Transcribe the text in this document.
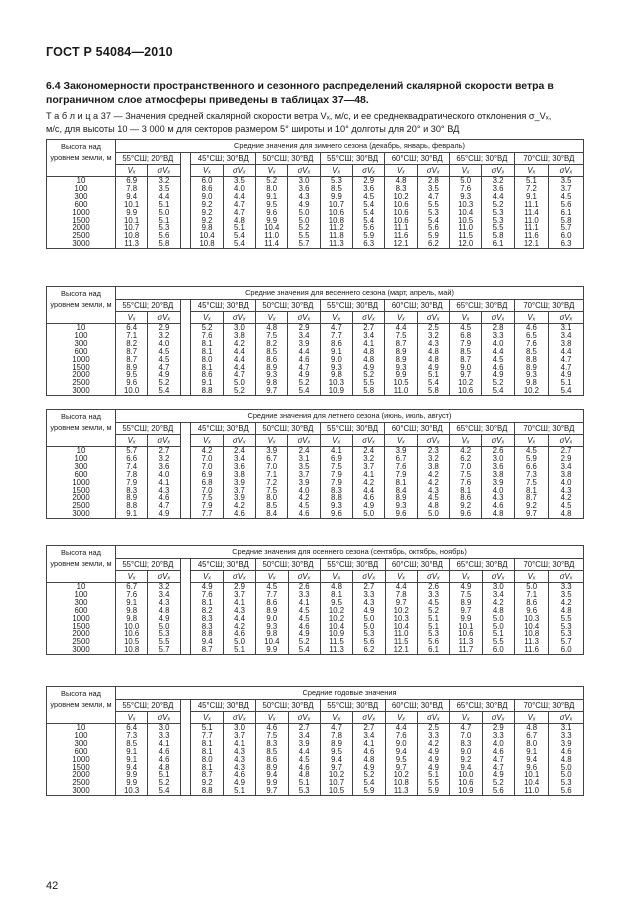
ГОСТ Р 54084—2010
6.4 Закономерности пространственного и сезонного распределений скалярной скорости ветра в пограничном слое атмосферы приведены в таблицах 37—48.
Т а б л и ц а 37 — Значения средней скалярной скорости ветра Vₓ, м/с, и ее среднеквадратического отклонения σ_Vₓ,
м/с, для высоты 10 — 3 000 м для секторов размером 5° широты и 10° долготы для 20° и 30° ВД
Высота над уровнем земли, м	Средние значения для зимнего сезона (декабрь, январь, февраль)														
	55°СШ; 20°ВД			45°СШ; 30°ВД		50°СШ; 30°ВД		55°СШ; 30°ВД		60°СШ; 30°ВД		65°СШ; 30°ВД		70°СШ; 30°ВД	
	Vₓ	σVₓ		Vₓ	σVₓ	Vₓ	σVₓ	Vₓ	σVₓ	Vₓ	σVₓ	Vₓ	σVₓ	Vₓ	σVₓ
10	6.9	3.2		6.0	3.5	5.2	3.0	5.3	2.9	4.8	2.8	5.0	3.2	5.1	3.5
100	7.8	3.5		8.6	4.0	8.0	3.6	8.5	3.6	8.3	3.5	7.6	3.6	7.2	3.7
300	9.4	4.4		9.0	4.4	9.1	4.3	9.9	4.5	10.2	4.7	9.3	4.4	9.1	4.5
600	10.1	5.1		9.2	4.7	9.5	4.9	10.7	5.4	10.6	5.5	10.3	5.2	11.1	5.6
1000	9.9	5.0		9.2	4.7	9.6	5.0	10.6	5.4	10.6	5.3	10.4	5.3	11.4	6.1
1500	10.1	5.1		9.2	4.8	9.9	5.0	10.8	5.4	10.6	5.4	10.5	5.3	11.0	5.8
2000	10.7	5.3		9.8	5.1	10.4	5.2	11.2	5.6	11.1	5.6	11.0	5.5	11.1	5.7
2500	10.8	5.6		10.4	5.4	11.0	5.5	11.8	5.9	11.6	5.9	11.5	5.8	11.6	6.0
3000	11.3	5.8		10.8	5.4	11.4	5.7	11.3	6.3	12.1	6.2	12.0	6.1	12.1	6.3
Высота над уровнем земли, м	Средние значения для весеннего сезона (март, апрель, май)														
	55°СШ; 20°ВД			45°СШ; 30°ВД		50°СШ; 30°ВД		55°СШ; 30°ВД		60°СШ; 30°ВД		65°СШ; 30°ВД		70°СШ; 30°ВД	
	Vₓ	σVₓ		Vₓ	σVₓ	Vₓ	σVₓ	Vₓ	σVₓ	Vₓ	σVₓ	Vₓ	σVₓ	Vₓ	σVₓ
10	6.4	2.9		5.2	3.0	4.8	2.9	4.7	2.7	4.4	2.5	4.5	2.8	4.6	3.1
100	7.1	3.2		7.6	3.8	7.5	3.4	7.7	3.4	7.5	3.2	6.8	3.3	6.5	3.4
300	8.2	4.0		8.1	4.2	8.2	3.9	8.6	4.1	8.7	4.3	7.9	4.0	7.6	3.8
600	8.7	4.5		8.1	4.4	8.5	4.4	9.1	4.8	8.9	4.8	8.5	4.4	8.5	4.4
1000	8.7	4.5		8.0	4.4	8.6	4.6	9.0	4.8	8.9	4.8	8.7	4.5	8.8	4.7
1500	8.9	4.7		8.1	4.4	8.9	4.7	9.3	4.9	9.3	4.9	9.0	4.6	8.9	4.7
2000	9.5	4.9		8.6	4.7	9.3	4.9	9.8	5.2	9.9	5.1	9.7	4.9	9.3	4.9
2500	9.6	5.2		9.1	5.0	9.8	5.2	10.3	5.5	10.5	5.4	10.2	5.2	9.8	5.1
3000	10.0	5.4		8.8	5.2	9.7	5.4	10.9	5.8	11.0	5.8	10.6	5.4	10.2	5.4
Высота над уровнем земли, м	Средние значения для летнего сезона (июнь, июль, август)														
	55°СШ; 20°ВД			45°СШ; 30°ВД		50°СШ; 30°ВД		55°СШ; 30°ВД		60°СШ; 30°ВД		65°СШ; 30°ВД		70°СШ; 30°ВД	
	Vₓ	σVₓ		Vₓ	σVₓ	Vₓ	σVₓ	Vₓ	σVₓ	Vₓ	σVₓ	Vₓ	σVₓ	Vₓ	σVₓ
10	5.7	2.7		4.2	2.4	3.9	2.4	4.1	2.4	3.9	2.3	4.2	2.6	4.5	2.7
100	6.6	3.2		7.0	3.4	6.7	3.1	6.9	3.2	6.7	3.2	6.2	3.0	5.9	2.9
300	7.4	3.6		7.0	3.6	7.0	3.5	7.5	3.7	7.6	3.8	7.0	3.6	6.6	3.4
600	7.8	4.0		6.9	3.8	7.1	3.7	7.9	4.1	7.9	4.2	7.5	3.8	7.3	3.8
1000	7.9	4.1		6.8	3.9	7.2	3.9	7.9	4.2	8.1	4.2	7.6	3.9	7.5	4.0
1500	8.3	4.3		7.0	3.7	7.5	4.0	8.3	4.4	8.4	4.3	8.1	4.0	8.1	4.3
2000	8.9	4.6		7.5	3.9	8.0	4.2	8.8	4.6	8.9	4.5	8.6	4.3	8.7	4.2
2500	8.8	4.7		7.9	4.2	8.5	4.5	9.3	4.9	9.3	4.8	9.2	4.6	9.2	4.5
3000	9.1	4.9		7.7	4.6	8.4	4.6	9.6	5.0	9.6	5.0	9.6	4.8	9.7	4.8
Высота над уровнем земли, м	Средние значения для осеннего сезона (сентябрь, октябрь, ноябрь)														
	55°СШ; 20°ВД			45°СШ; 30°ВД		50°СШ; 30°ВД		55°СШ; 30°ВД		60°СШ; 30°ВД		65°СШ; 30°ВД		70°СШ; 30°ВД	
	Vₓ	σVₓ		Vₓ	σVₓ	Vₓ	σVₓ	Vₓ	σVₓ	Vₓ	σVₓ	Vₓ	σVₓ	Vₓ	σVₓ
10	6.7	3.2		4.9	2.9	4.5	2.6	4.8	2.7	4.4	2.6	4.9	3.0	5.0	3.3
100	7.6	3.4		7.6	3.7	7.7	3.3	8.1	3.3	7.8	3.3	7.5	3.4	7.1	3.5
300	9.1	4.3		8.1	4.1	8.6	4.1	9.5	4.3	9.7	4.5	8.9	4.2	8.6	4.2
600	9.8	4.8		8.2	4.3	8.9	4.5	10.2	4.9	10.2	5.2	9.7	4.8	9.6	4.8
1000	9.8	4.9		8.3	4.4	9.0	4.5	10.2	5.0	10.3	5.1	9.9	5.0	10.3	5.5
1500	10.0	5.0		8.3	4.2	9.3	4.6	10.4	5.0	10.4	5.1	10.1	5.0	10.4	5.3
2000	10.6	5.3		8.8	4.6	9.8	4.9	10.9	5.3	11.0	5.3	10.6	5.1	10.8	5.3
2500	10.5	5.5		9.4	5.0	10.4	5.2	11.5	5.6	11.5	5.6	11.3	5.5	11.3	5.7
3000	10.8	5.7		8.7	5.1	9.9	5.4	11.3	6.2	12.1	6.1	11.7	6.0	11.6	6.0
Высота над уровнем земли, м	Средние годовые значения														
	55°СШ; 20°ВД			45°СШ; 30°ВД		50°СШ; 30°ВД		55°СШ; 30°ВД		60°СШ; 30°ВД		65°СШ; 30°ВД		70°СШ; 30°ВД	
	Vₓ	σVₓ		Vₓ	σVₓ	Vₓ	σVₓ	Vₓ	σVₓ	Vₓ	σVₓ	Vₓ	σVₓ	Vₓ	σVₓ
10	6.4	3.0		5.1	3.0	4.6	2.7	4.7	2.7	4.4	2.5	4.7	2.9	4.8	3.1
100	7.3	3.3		7.7	3.7	7.5	3.4	7.8	3.4	7.6	3.3	7.0	3.3	6.7	3.3
300	8.5	4.1		8.1	4.1	8.3	3.9	8.9	4.1	9.0	4.2	8.3	4.0	8.0	3.9
600	9.1	4.6		8.1	4.3	8.5	4.4	9.5	4.6	9.4	4.9	9.0	4.6	9.1	4.6
1000	9.1	4.6		8.0	4.3	8.6	4.5	9.4	4.8	9.5	4.9	9.2	4.7	9.4	4.8
1500	9.4	4.8		8.1	4.3	8.9	4.6	9.7	4.9	9.7	4.9	9.4	4.7	9.6	5.0
2000	9.9	5.1		8.7	4.6	9.4	4.8	10.2	5.2	10.2	5.1	10.0	4.9	10.1	5.0
2500	9.9	5.2		9.2	4.9	9.9	5.1	10.7	5.4	10.8	5.5	10.6	5.2	10.4	5.3
3000	10.3	5.4		8.8	5.1	9.7	5.3	10.5	5.9	11.3	5.9	10.9	5.6	11.0	5.6
42
